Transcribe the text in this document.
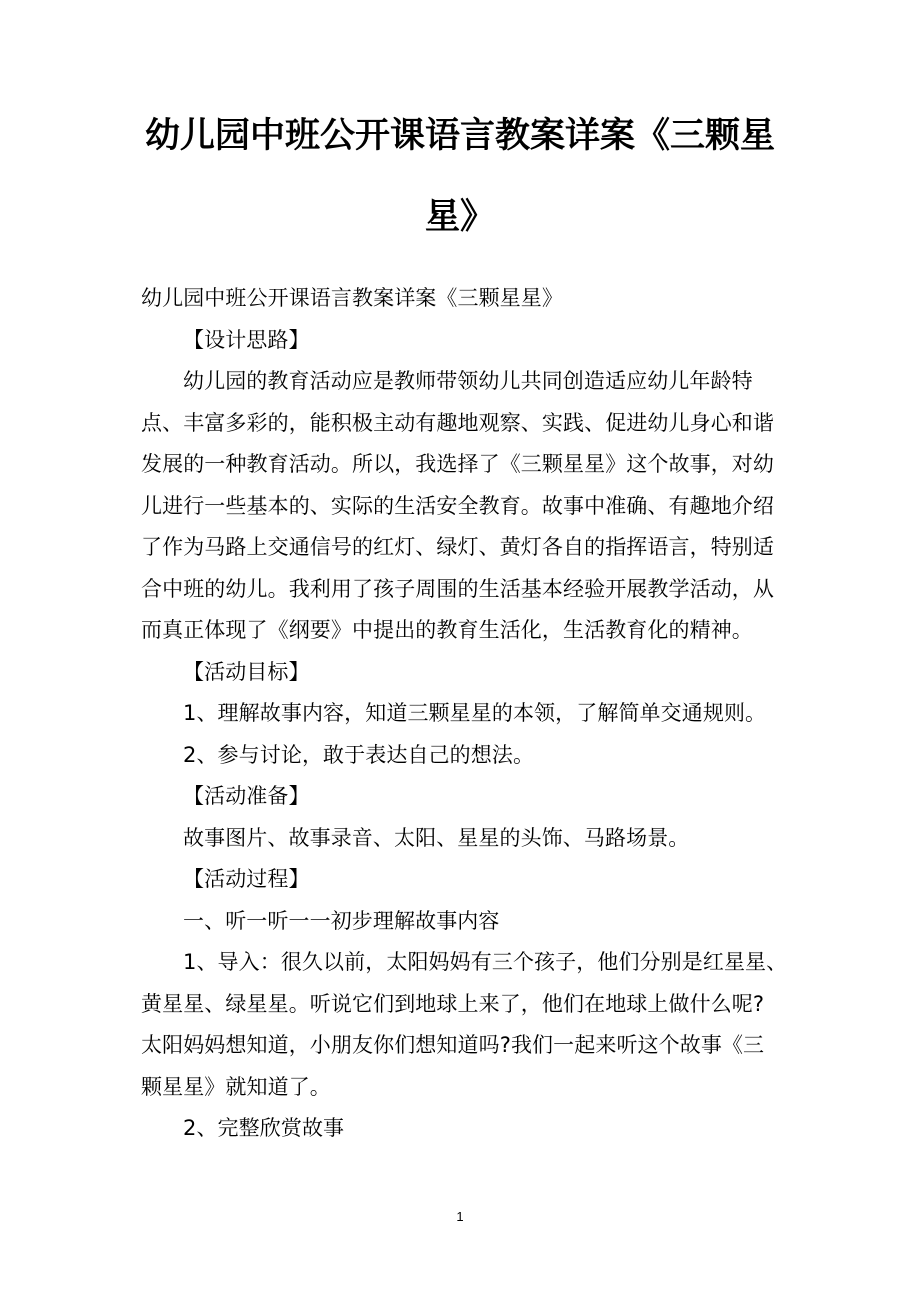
幼儿园中班公开课语言教案详案《三颗星
星》

幼儿园中班公开课语言教案详案《三颗星星》

【设计思路】

幼儿园的教育活动应是教师带领幼儿共同创造适应幼儿年龄特

点、丰富多彩的，能积极主动有趣地观察、实践、促进幼儿身心和谐

发展的一种教育活动。所以，我选择了《三颗星星》这个故事，对幼

儿进行一些基本的、实际的生活安全教育。故事中准确、有趣地介绍

了作为马路上交通信号的红灯、绿灯、黄灯各自的指挥语言，特别适

合中班的幼儿。我利用了孩子周围的生活基本经验开展教学活动，从

而真正体现了《纲要》中提出的教育生活化，生活教育化的精神。

【活动目标】

1、理解故事内容，知道三颗星星的本领，了解简单交通规则。

2、参与讨论，敢于表达自己的想法。

【活动准备】

故事图片、故事录音、太阳、星星的头饰、马路场景。

【活动过程】

一、听一听一一初步理解故事内容

1、导入：很久以前，太阳妈妈有三个孩子，他们分别是红星星、

黄星星、绿星星。听说它们到地球上来了，他们在地球上做什么呢?

太阳妈妈想知道，小朋友你们想知道吗?我们一起来听这个故事《三

颗星星》就知道了。

2、完整欣赏故事

1
